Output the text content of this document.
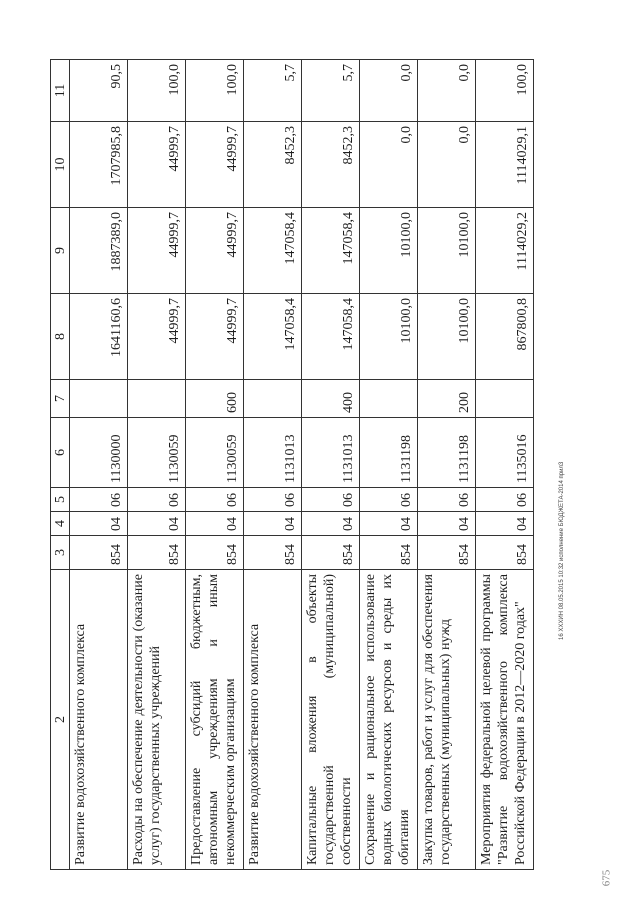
2	3	4	5	6	7	8	9	10	11
Развитие водохозяйственного комплекса	854	04	06	1130000		1641160,6	1887389,0	1707985,8	90,5
Расходы на обеспечение деятельности (оказание услуг) государственных учреждений	854	04	06	1130059		44999,7	44999,7	44999,7	100,0
Предоставление субсидий бюджетным, автономным учреждениям и иным некоммерческим организациям	854	04	06	1130059	600	44999,7	44999,7	44999,7	100,0
Развитие водохозяйственного комплекса	854	04	06	1131013		147058,4	147058,4	8452,3	5,7
Капитальные вложения в объекты государственной (муниципальной) собственности	854	04	06	1131013	400	147058,4	147058,4	8452,3	5,7
Сохранение и рациональное использование водных биологических ресурсов и среды их обитания	854	04	06	1131198		10100,0	10100,0	0,0	0,0
Закупка товаров, работ и услуг для обеспечения государственных (муниципальных) нужд	854	04	06	1131198	200	10100,0	10100,0	0,0	0,0
Мероприятия федеральной целевой программы "Развитие водохозяйственного комплекса Российской Федерации в 2012—2020 годах"	854	04	06	1135016		867800,8	1114029,2	1114029,1	100,0
16 ХХХИН 08.05.2015 10:32 исполнение БЮДЖЕТА-2014 прил3
675
